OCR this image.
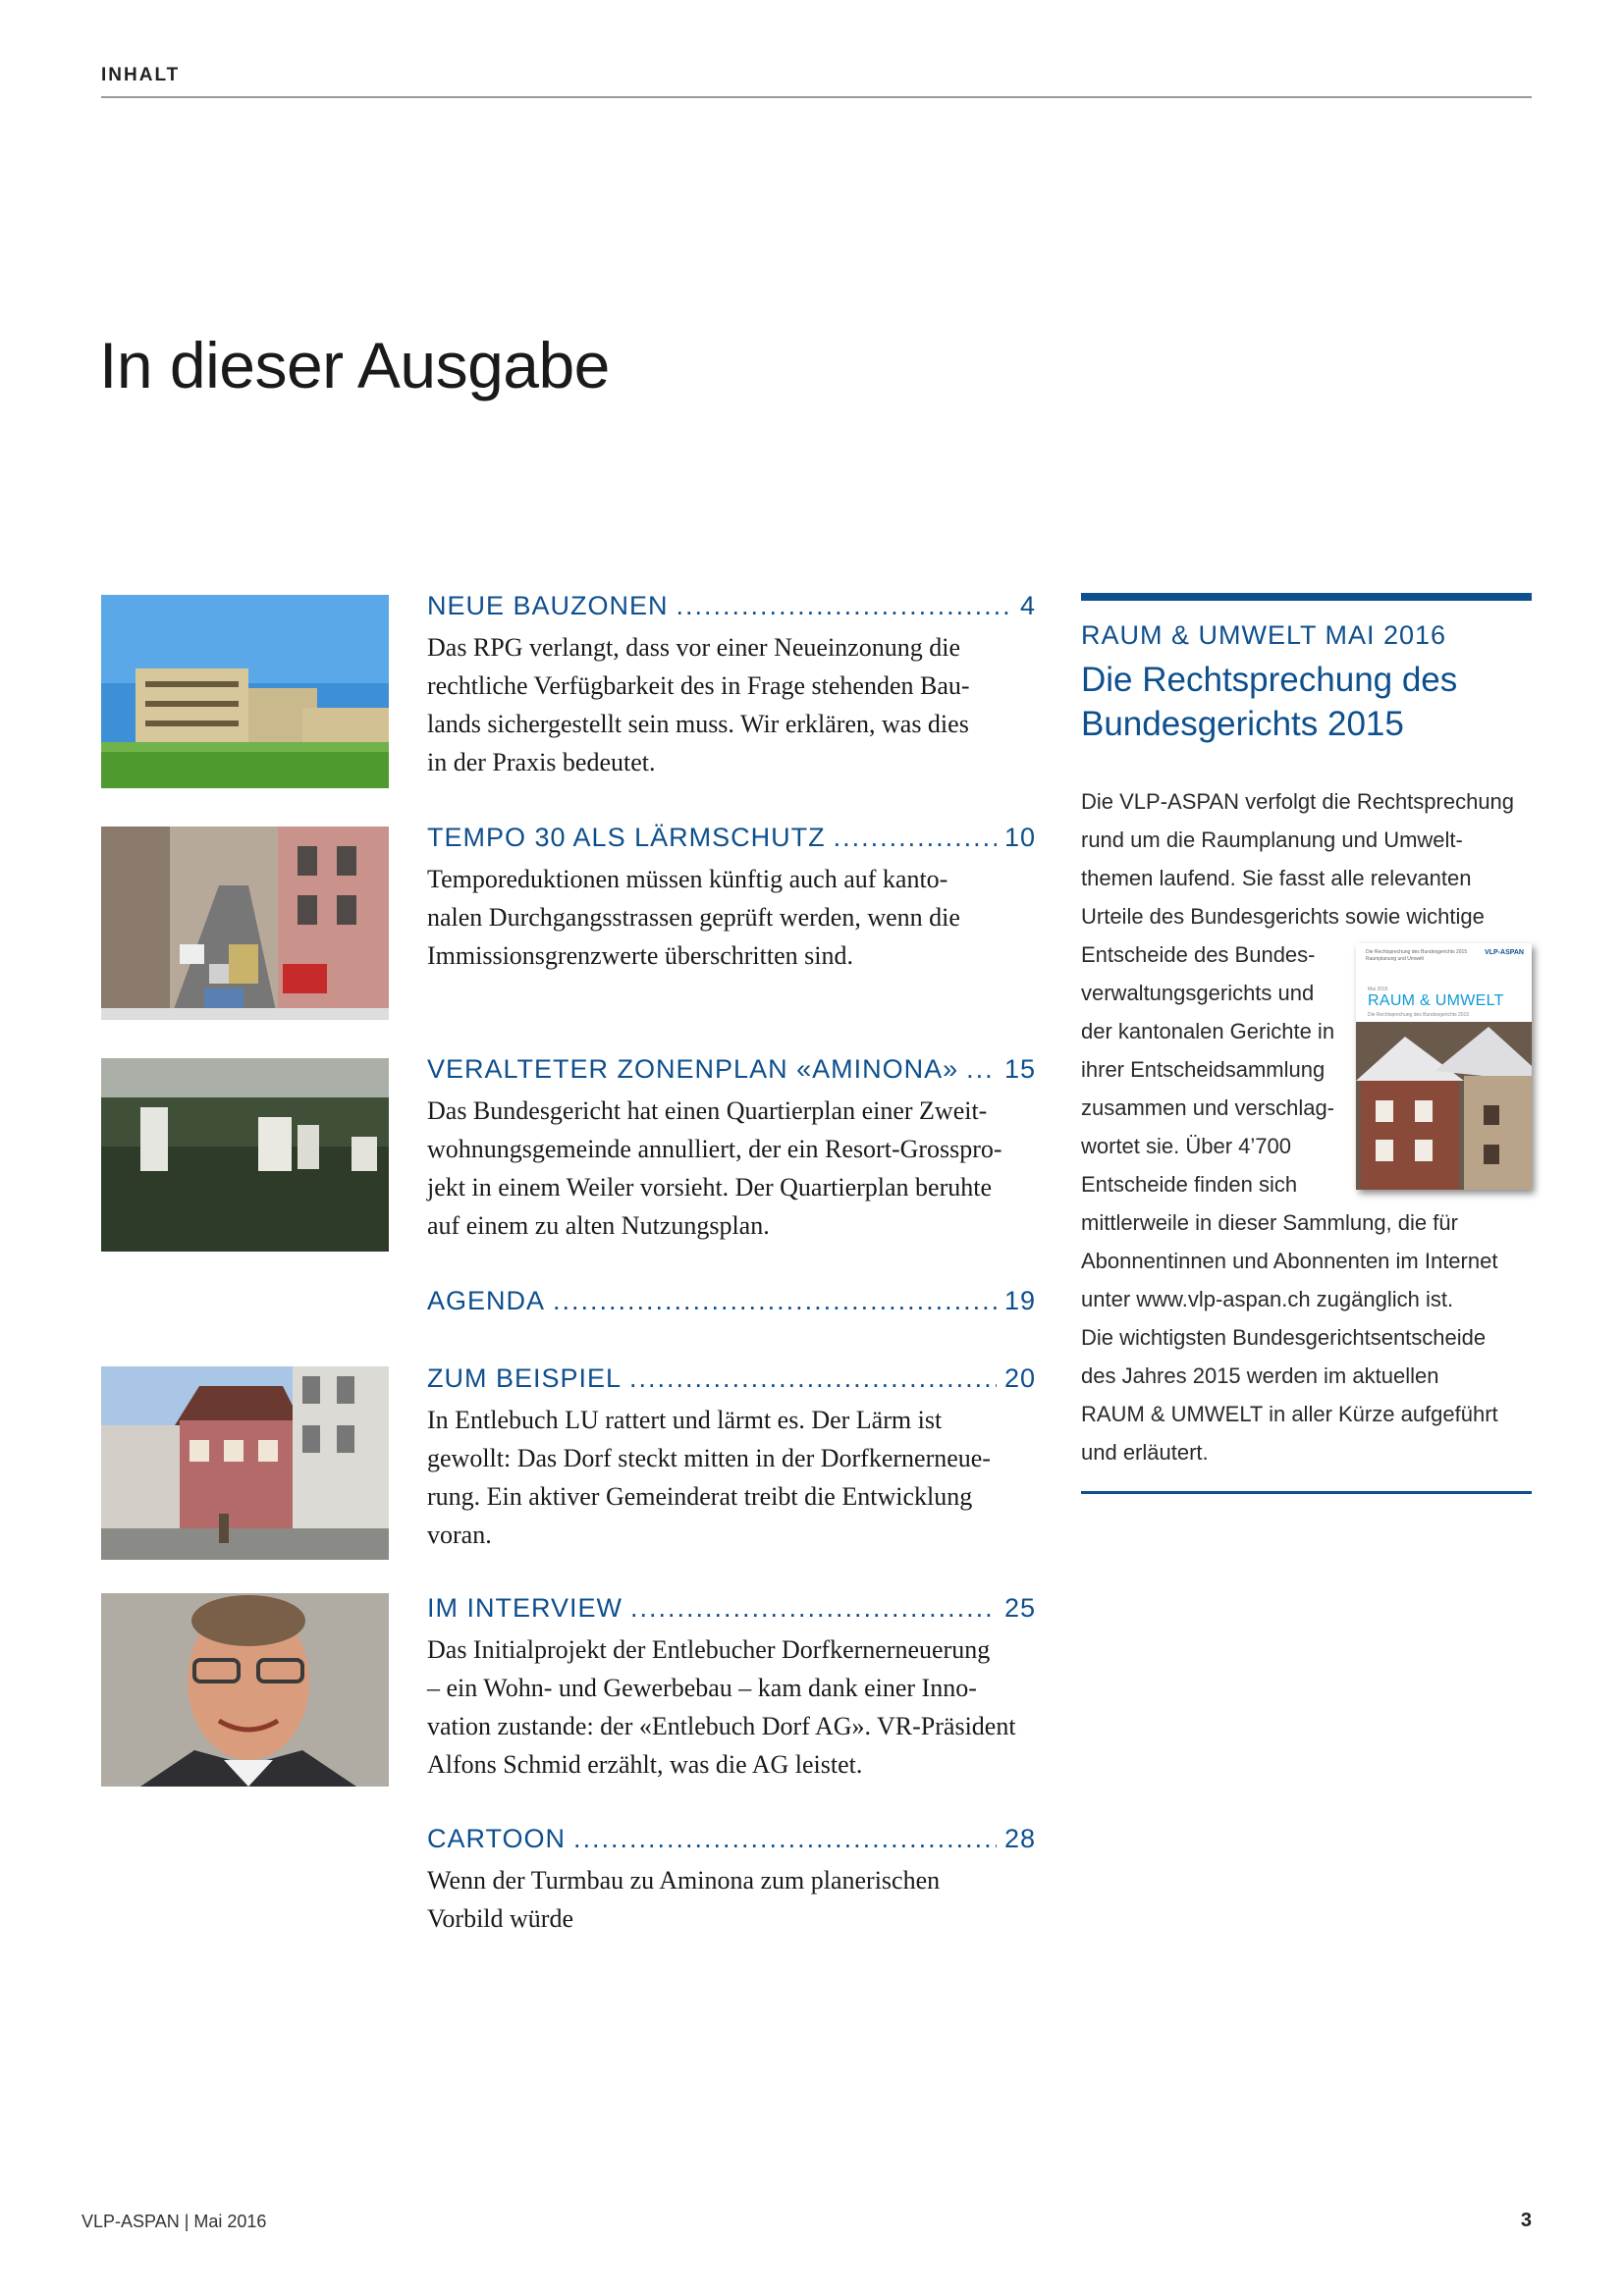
INHALT
In dieser Ausgabe
NEUE BAUZONEN .....	4
Das RPG verlangt, dass vor einer Neueinzonung die
rechtliche Verfügbarkeit des in Frage stehenden Bau-
lands sichergestellt sein muss. Wir erklären, was dies
in der Praxis bedeutet.
TEMPO 30 ALS LÄRMSCHUTZ .....	10
Temporeduktionen müssen künftig auch auf kanto-
nalen Durchgangsstrassen geprüft werden, wenn die
Immissionsgrenzwerte überschritten sind.
VERALTETER ZONENPLAN «AMINONA» ..... 15
Das Bundesgericht hat einen Quartierplan einer Zweit-
wohnungsgemeinde annulliert, der ein Resort-Grosspro-
jekt in einem Weiler vorsieht. Der Quartierplan beruhte
auf einem zu alten Nutzungsplan.
AGENDA .....	19
ZUM BEISPIEL .....	20
In Entlebuch LU rattert und lärmt es. Der Lärm ist
gewollt: Das Dorf steckt mitten in der Dorfkernerneue-
rung. Ein aktiver Gemeinderat treibt die Entwicklung
voran.
IM INTERVIEW .....	25
Das Initialprojekt der Entlebucher Dorfkernerneuerung
– ein Wohn- und Gewerbebau – kam dank einer Inno-
vation zustande: der «Entlebuch Dorf AG». VR-Präsident
Alfons Schmid erzählt, was die AG leistet.
CARTOON .....	28
Wenn der Turmbau zu Aminona zum planerischen
Vorbild würde
RAUM & UMWELT MAI 2016
Die Rechtsprechung des
Bundesgerichts 2015
Die VLP-ASPAN verfolgt die Rechtsprechung
rund um die Raumplanung und Umwelt-
themen laufend. Sie fasst alle relevanten
Urteile des Bundesgerichts sowie wichtige
Entscheide des Bundes-
verwaltungsgerichts und
der kantonalen Gerichte in
ihrer Entscheidsammlung
zusammen und verschlag-
wortet sie. Über 4’700
Entscheide finden sich
mittlerweile in dieser Sammlung, die für
Abonnentinnen und Abonnenten im Internet
unter www.vlp-aspan.ch zugänglich ist.
Die wichtigsten Bundesgerichtsentscheide
des Jahres 2015 werden im aktuellen
RAUM & UMWELT in aller Kürze aufgeführt
und erläutert.
Die Rechtsprechung des Bundesgerichts 2015 Raumplanung und Umwelt
VLP-ASPAN
Mai 2016
RAUM & UMWELT
Die Rechtsprechung des Bundesgerichts 2015
VLP-ASPAN | Mai 2016	3
